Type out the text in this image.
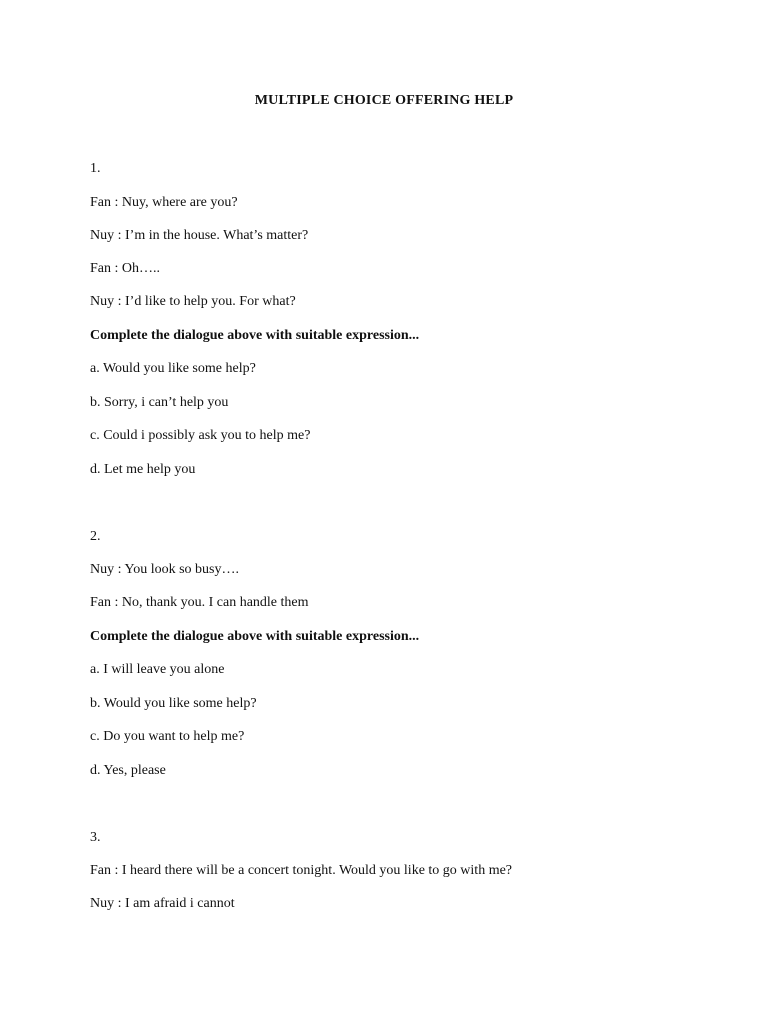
MULTIPLE CHOICE OFFERING HELP
1.
Fan : Nuy, where are you?
Nuy : I’m in the house. What’s matter?
Fan : Oh…..
Nuy : I’d like to help you. For what?
Complete the dialogue above with suitable expression...
a. Would you like some help?
b. Sorry, i can’t help you
c. Could i possibly ask you to help me?
d. Let me help you
2.
Nuy : You look so busy….
Fan : No, thank you. I can handle them
Complete the dialogue above with suitable expression...
a. I will leave you alone
b. Would you like some help?
c. Do you want to help me?
d. Yes, please
3.
Fan : I heard there will be a concert tonight. Would you like to go with me?
Nuy : I am afraid i cannot
